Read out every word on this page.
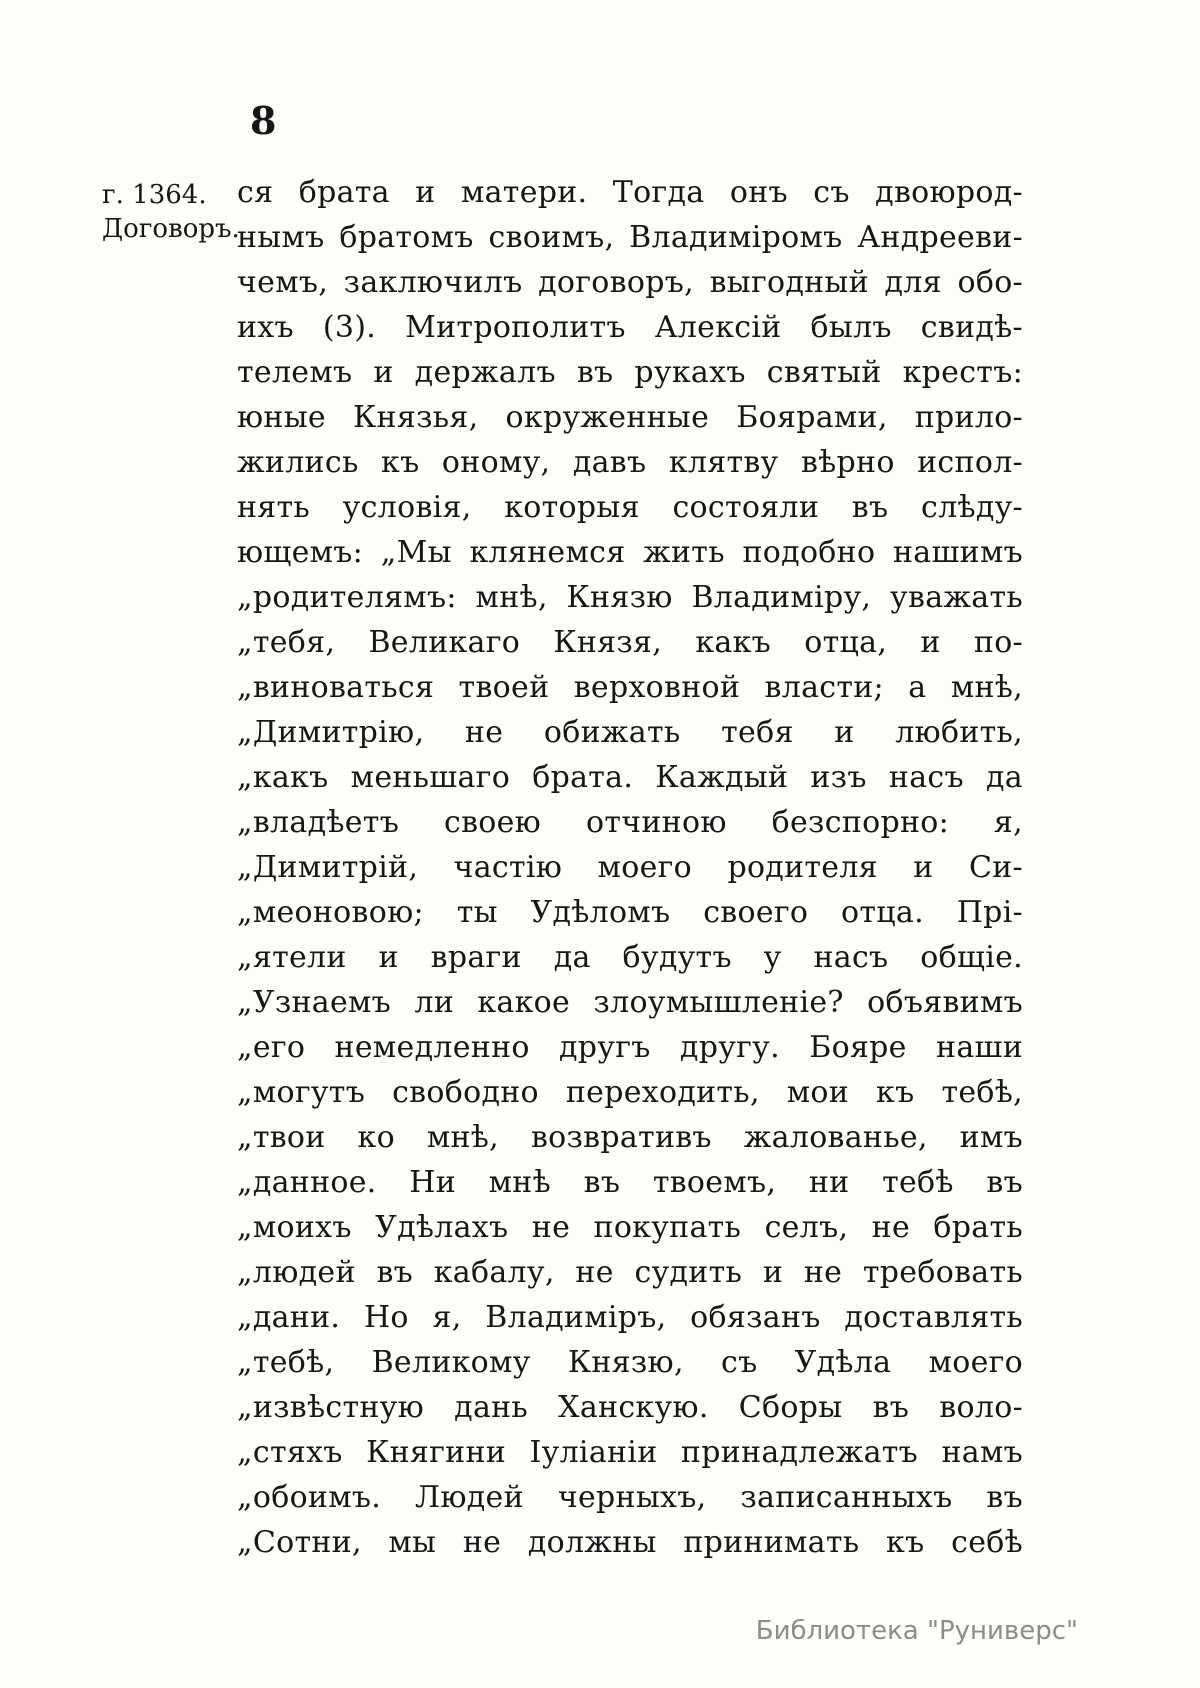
8
г. 1364.
Договоръ.
ся брата и матери. Тогда онъ съ двоюрод-
нымъ братомъ своимъ, Владиміромъ Андрееви-
чемъ, заключилъ договоръ, выгодный для обо-
ихъ (3). Митрополитъ Алексій былъ свидѣ-
телемъ и держалъ въ рукахъ святый крестъ:
юные Князья, окруженные Боярами, прило-
жились къ оному, давъ клятву вѣрно испол-
нять условія, которыя состояли въ слѣду-
ющемъ: „Мы клянемся жить подобно нашимъ
„родителямъ: мнѣ, Князю Владиміру, уважать
„тебя, Великаго Князя, какъ отца, и по-
„виноваться твоей верховной власти; а мнѣ,
„Димитрію, не обижать тебя и любить,
„какъ меньшаго брата. Каждый изъ насъ да
„владѣетъ своею отчиною безспорно: я,
„Димитрій, частію моего родителя и Си-
„меоновою; ты Удѣломъ своего отца. Прі-
„ятели и враги да будутъ у насъ общіе.
„Узнаемъ ли какое злоумышленіе? объявимъ
„его немедленно другъ другу. Бояре наши
„могутъ свободно переходить, мои къ тебѣ,
„твои ко мнѣ, возвративъ жалованье, имъ
„данное. Ни мнѣ въ твоемъ, ни тебѣ въ
„моихъ Удѣлахъ не покупать селъ, не брать
„людей въ кабалу, не судить и не требовать
„дани. Но я, Владиміръ, обязанъ доставлять
„тебѣ, Великому Князю, съ Удѣла моего
„извѣстную дань Ханскую. Сборы въ воло-
„стяхъ Княгини Іуліаніи принадлежатъ намъ
„обоимъ. Людей черныхъ, записанныхъ въ
„Сотни, мы не должны принимать къ себѣ
Библиотека "Руниверс"
